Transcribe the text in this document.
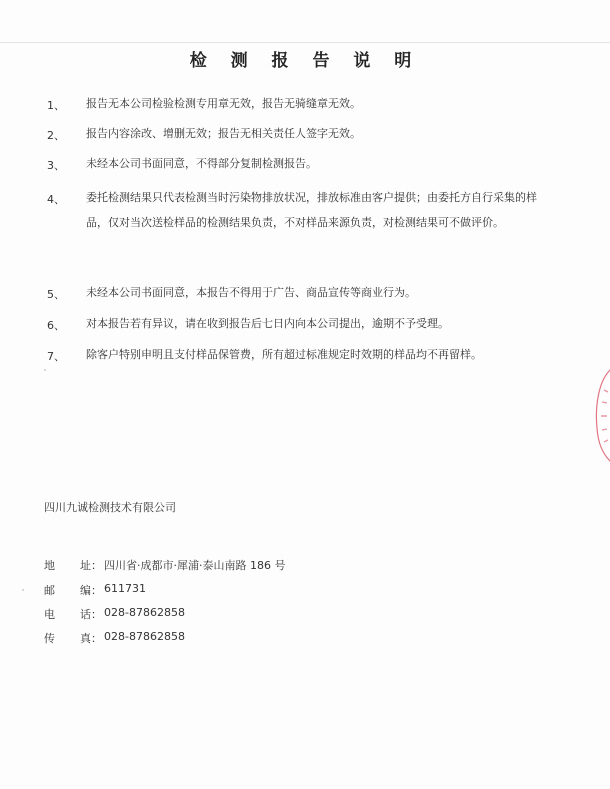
检 测 报 告 说 明
1、 报告无本公司检验检测专用章无效，报告无骑缝章无效。
2、 报告内容涂改、增删无效；报告无相关责任人签字无效。
3、 未经本公司书面同意，不得部分复制检测报告。
4、 委托检测结果只代表检测当时污染物排放状况，排放标准由客户提供；由委托方自行采集的样品，仅对当次送检样品的检测结果负责，不对样品来源负责，对检测结果可不做评价。
5、 未经本公司书面同意，本报告不得用于广告、商品宣传等商业行为。
6、 对本报告若有异议，请在收到报告后七日内向本公司提出，逾期不予受理。
7、 除客户特别申明且支付样品保管费，所有超过标准规定时效期的样品均不再留样。
四川九诚检测技术有限公司
地 址： 四川省·成都市·犀浦·泰山南路 186 号
邮 编： 611731
电 话： 028-87862858
传 真： 028-87862858
